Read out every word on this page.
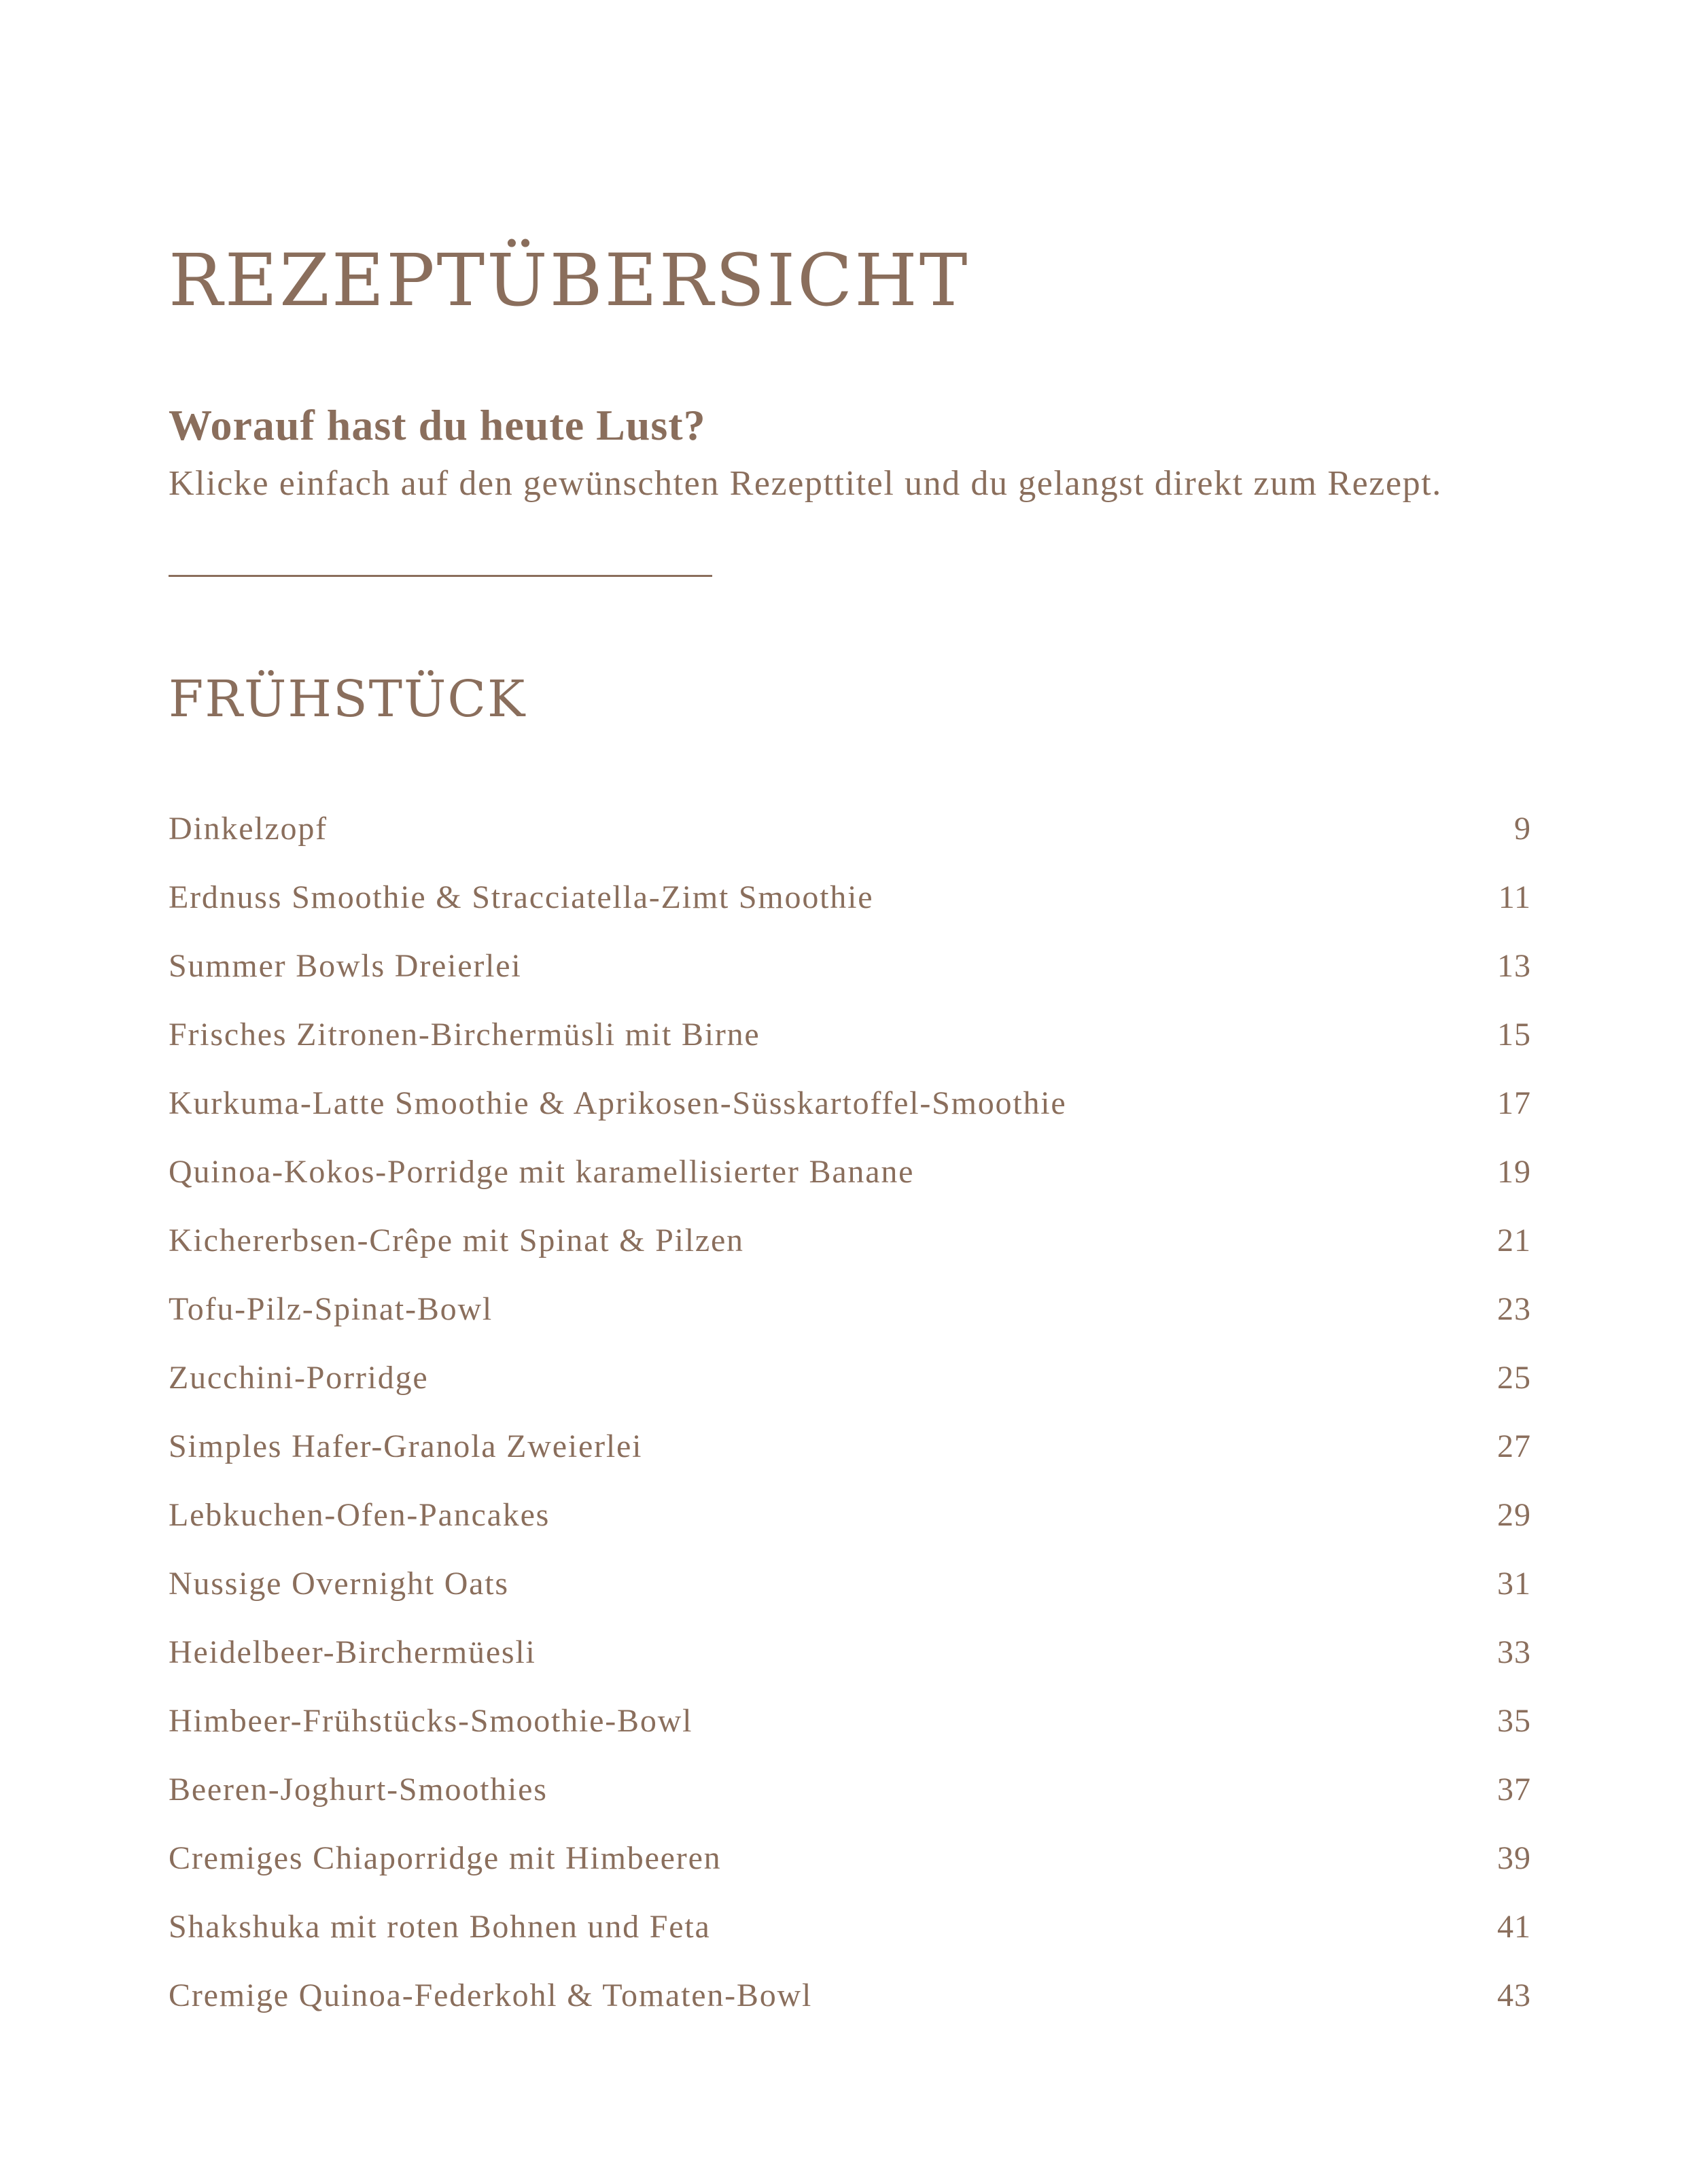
REZEPTÜBERSICHT
Worauf hast du heute Lust?

Klicke einfach auf den gewünschten Rezepttitel und du gelangst direkt zum Rezept.

FRÜHSTÜCK
Dinkelzopf	9
Erdnuss Smoothie & Stracciatella-Zimt Smoothie	11
Summer Bowls Dreierlei	13
Frisches Zitronen-Birchermüsli mit Birne	15
Kurkuma-Latte Smoothie & Aprikosen-Süsskartoffel-Smoothie	17
Quinoa-Kokos-Porridge mit karamellisierter Banane	19
Kichererbsen-Crêpe mit Spinat & Pilzen	21
Tofu-Pilz-Spinat-Bowl	23
Zucchini-Porridge	25
Simples Hafer-Granola Zweierlei	27
Lebkuchen-Ofen-Pancakes	29
Nussige Overnight Oats	31
Heidelbeer-Birchermüesli	33
Himbeer-Frühstücks-Smoothie-Bowl	35
Beeren-Joghurt-Smoothies	37
Cremiges Chiaporridge mit Himbeeren	39
Shakshuka mit roten Bohnen und Feta	41
Cremige Quinoa-Federkohl & Tomaten-Bowl	43
